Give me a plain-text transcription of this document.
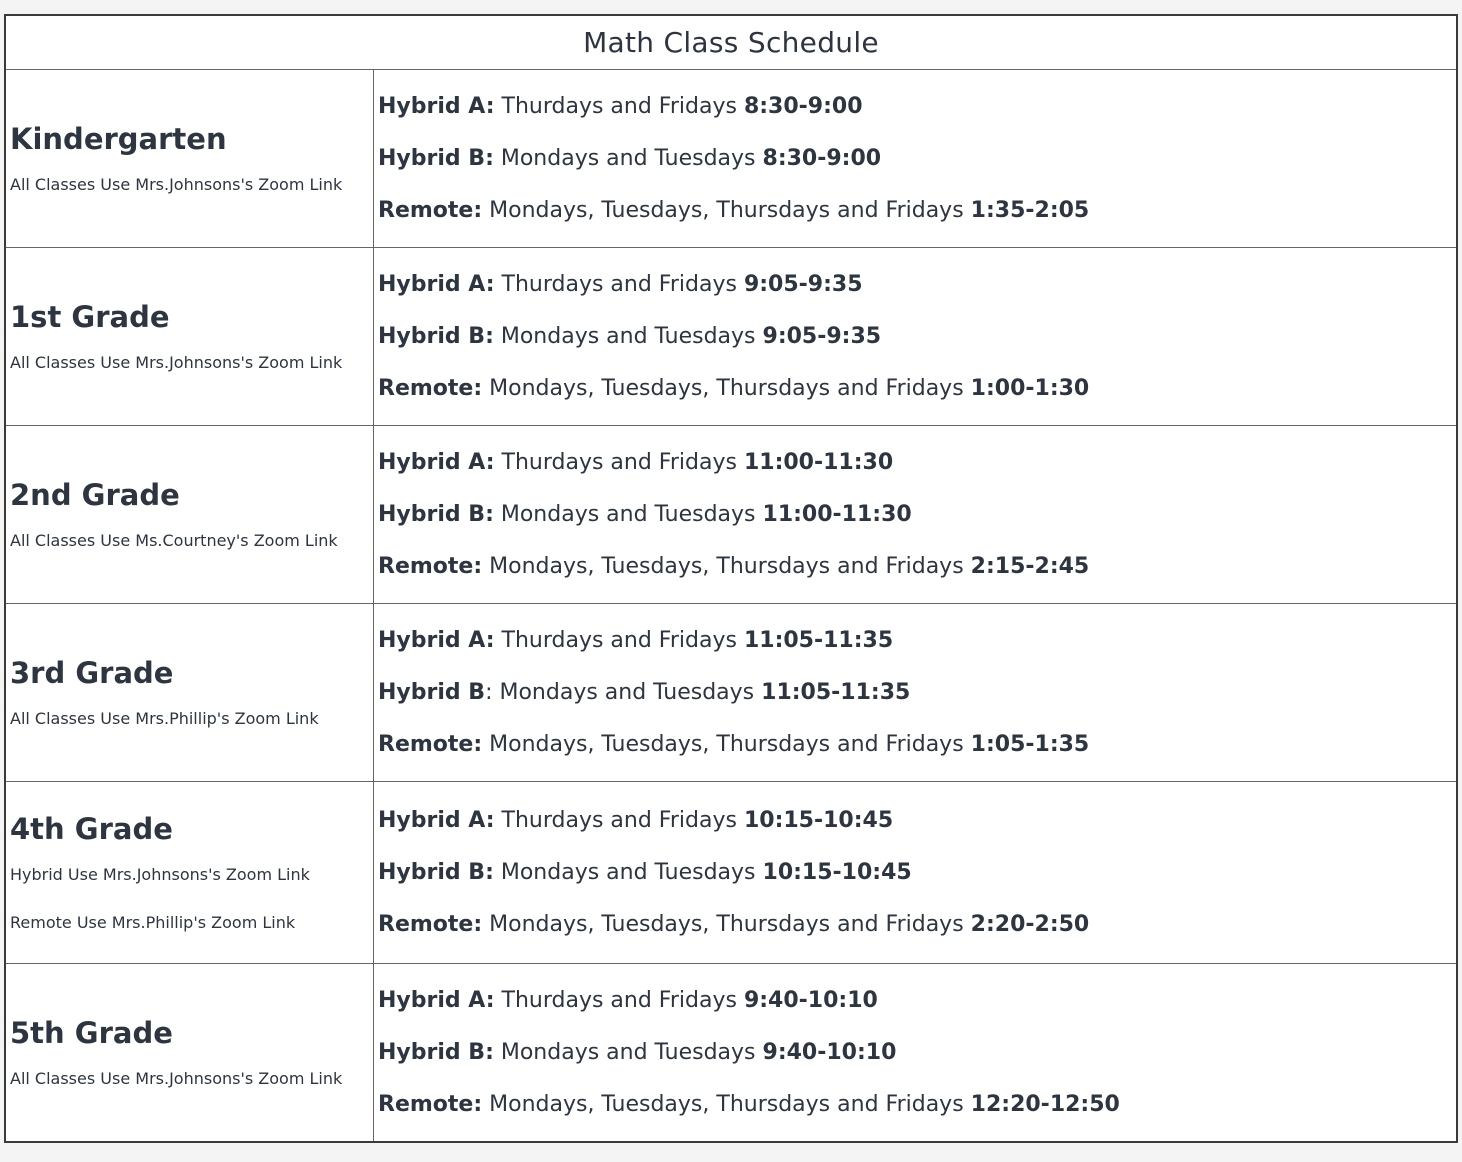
Math Class Schedule
Kindergarten
All Classes Use Mrs.Johnsons's Zoom Link
Hybrid A: Thurdays and Fridays 8:30-9:00
Hybrid B: Mondays and Tuesdays 8:30-9:00
Remote: Mondays, Tuesdays, Thursdays and Fridays 1:35-2:05
1st Grade
All Classes Use Mrs.Johnsons's Zoom Link
Hybrid A: Thurdays and Fridays 9:05-9:35
Hybrid B: Mondays and Tuesdays 9:05-9:35
Remote: Mondays, Tuesdays, Thursdays and Fridays 1:00-1:30
2nd Grade
All Classes Use Ms.Courtney's Zoom Link
Hybrid A: Thurdays and Fridays 11:00-11:30
Hybrid B: Mondays and Tuesdays 11:00-11:30
Remote: Mondays, Tuesdays, Thursdays and Fridays 2:15-2:45
3rd Grade
All Classes Use Mrs.Phillip's Zoom Link
Hybrid A: Thurdays and Fridays 11:05-11:35
Hybrid B: Mondays and Tuesdays 11:05-11:35
Remote: Mondays, Tuesdays, Thursdays and Fridays 1:05-1:35
4th Grade
Hybrid Use Mrs.Johnsons's Zoom Link
Remote Use Mrs.Phillip's Zoom Link
Hybrid A: Thurdays and Fridays 10:15-10:45
Hybrid B: Mondays and Tuesdays 10:15-10:45
Remote: Mondays, Tuesdays, Thursdays and Fridays 2:20-2:50
5th Grade
All Classes Use Mrs.Johnsons's Zoom Link
Hybrid A: Thurdays and Fridays 9:40-10:10
Hybrid B: Mondays and Tuesdays 9:40-10:10
Remote: Mondays, Tuesdays, Thursdays and Fridays 12:20-12:50
